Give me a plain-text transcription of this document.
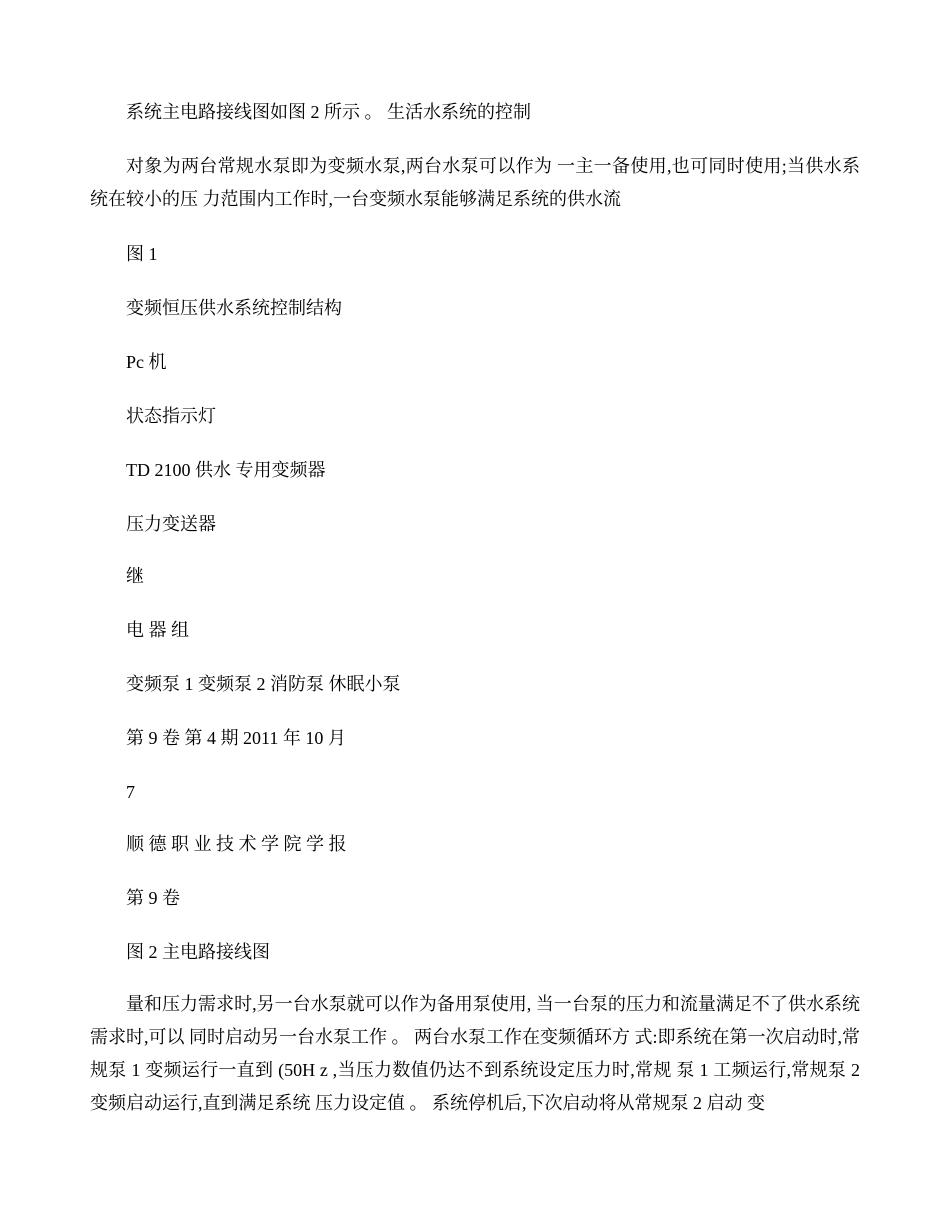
系统主电路接线图如图 2 所示 。 生活水系统的控制
对象为两台常规水泵即为变频水泵,两台水泵可以作为 一主一备使用,也可同时使用;当供水系统在较小的压 力范围内工作时,一台变频水泵能够满足系统的供水流
图 1
变频恒压供水系统控制结构
Pc 机
状态指示灯
TD 2100 供水 专用变频器
压力变送器
继
电 器 组
变频泵 1 变频泵 2 消防泵 休眠小泵
第 9 卷 第 4 期 2011 年 10 月
7
顺 德 职 业 技 术 学 院 学 报
第 9 卷
图 2 主电路接线图
量和压力需求时,另一台水泵就可以作为备用泵使用, 当一台泵的压力和流量满足不了供水系统需求时,可以 同时启动另一台水泵工作 。 两台水泵工作在变频循环方 式:即系统在第一次启动时,常规泵 1 变频运行一直到 (50H z ,当压力数值仍达不到系统设定压力时,常规 泵 1 工频运行,常规泵 2 变频启动运行,直到满足系统 压力设定值 。 系统停机后,下次启动将从常规泵 2 启动 变
